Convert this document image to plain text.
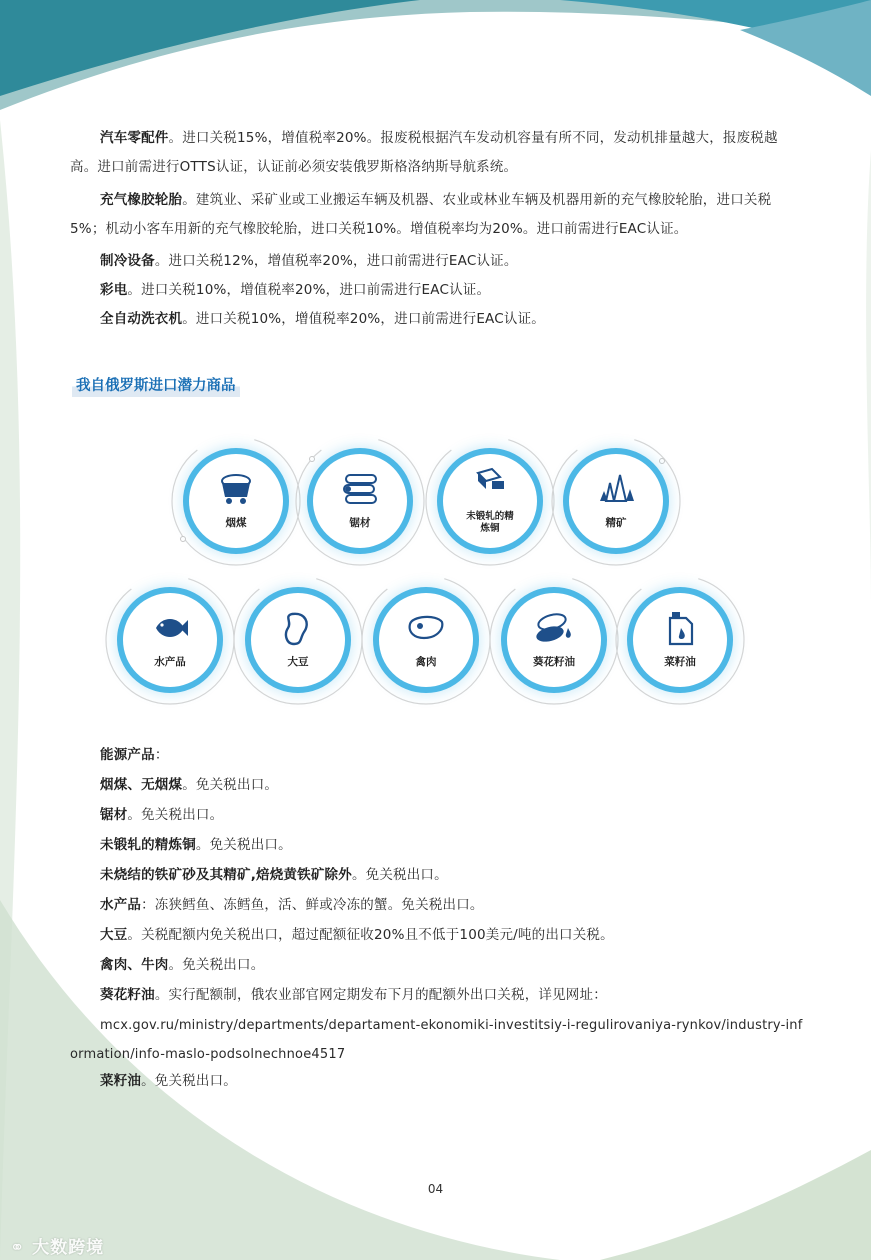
汽车零配件。进口关税15%，增值税率20%。报废税根据汽车发动机容量有所不同，发动机排量越大，报废税越高。进口前需进行OTTS认证，认证前必须安装俄罗斯格洛纳斯导航系统。

充气橡胶轮胎。建筑业、采矿业或工业搬运车辆及机器、农业或林业车辆及机器用新的充气橡胶轮胎，进口关税5%；机动小客车用新的充气橡胶轮胎，进口关税10%。增值税率均为20%。进口前需进行EAC认证。

制冷设备。进口关税12%，增值税率20%，进口前需进行EAC认证。

彩电。进口关税10%，增值税率20%，进口前需进行EAC认证。

全自动洗衣机。进口关税10%，增值税率20%，进口前需进行EAC认证。

我自俄罗斯进口潜力商品
烟煤	锯材
未锻轧的精
炼铜	精矿
水产品	大豆	禽肉	葵花籽油	菜籽油

能源产品：

烟煤、无烟煤。免关税出口。

锯材。免关税出口。

未锻轧的精炼铜。免关税出口。

未烧结的铁矿砂及其精矿,焙烧黄铁矿除外。免关税出口。

水产品：冻狭鳕鱼、冻鳕鱼，活、鲜或冷冻的蟹。免关税出口。

大豆。关税配额内免关税出口，超过配额征收20%且不低于100美元/吨的出口关税。

禽肉、牛肉。免关税出口。

葵花籽油。实行配额制，俄农业部官网定期发布下月的配额外出口关税，详见网址：

mcx.gov.ru/ministry/departments/departament-ekonomiki-investitsiy-i-regulirovaniya-rynkov/industry-information/info-maslo-podsolnechnoe4517

菜籽油。免关税出口。

04
⚭ 大数跨境
